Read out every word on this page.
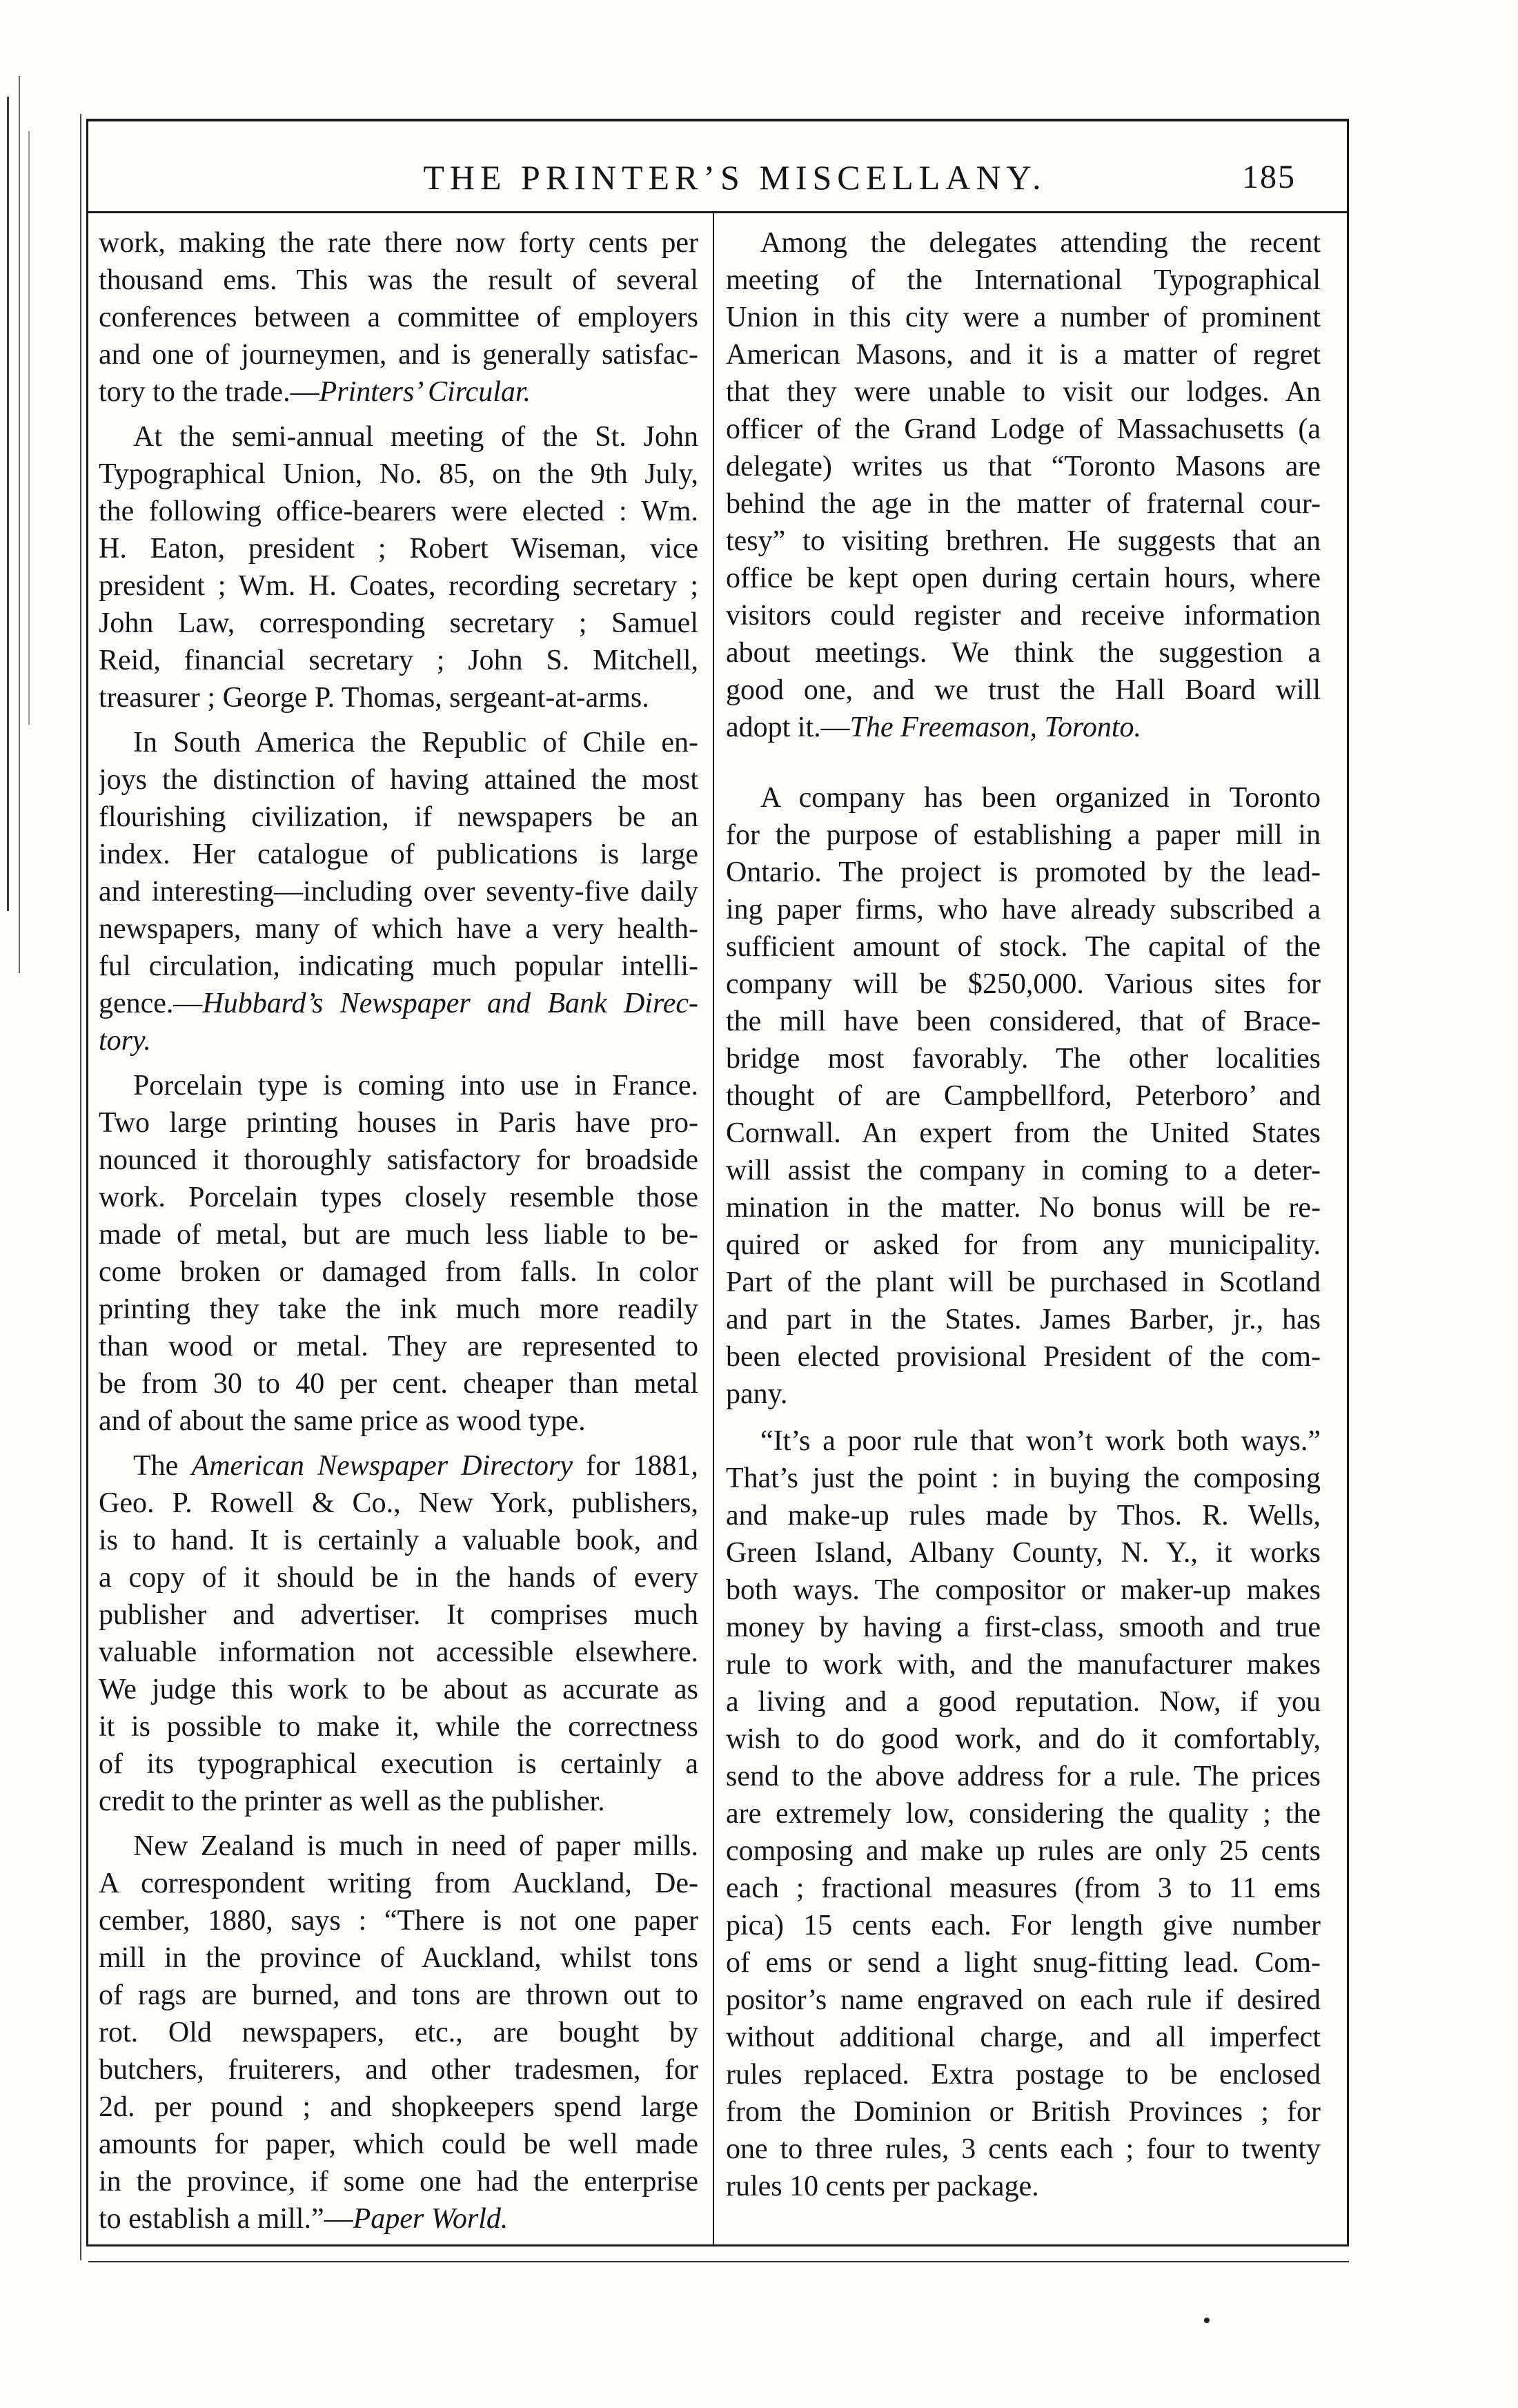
THE PRINTER’S MISCELLANY.	185
work, making the rate there now forty cents per
thousand ems. This was the result of several
conferences between a committee of employers
and one of journeymen, and is generally satisfac-
tory to the trade.—Printers’ Circular.
At the semi-annual meeting of the St. John
Typographical Union, No. 85, on the 9th July,
the following office-bearers were elected : Wm.
H. Eaton, president ; Robert Wiseman, vice
president ; Wm. H. Coates, recording secretary ;
John Law, corresponding secretary ; Samuel
Reid, financial secretary ; John S. Mitchell,
treasurer ; George P. Thomas, sergeant-at-arms.
In South America the Republic of Chile en-
joys the distinction of having attained the most
flourishing civilization, if newspapers be an
index. Her catalogue of publications is large
and interesting—including over seventy-five daily
newspapers, many of which have a very health-
ful circulation, indicating much popular intelli-
gence.—Hubbard’s Newspaper and Bank Direc-
tory.
Porcelain type is coming into use in France.
Two large printing houses in Paris have pro-
nounced it thoroughly satisfactory for broadside
work. Porcelain types closely resemble those
made of metal, but are much less liable to be-
come broken or damaged from falls. In color
printing they take the ink much more readily
than wood or metal. They are represented to
be from 30 to 40 per cent. cheaper than metal
and of about the same price as wood type.
The American Newspaper Directory for 1881,
Geo. P. Rowell & Co., New York, publishers,
is to hand. It is certainly a valuable book, and
a copy of it should be in the hands of every
publisher and advertiser. It comprises much
valuable information not accessible elsewhere.
We judge this work to be about as accurate as
it is possible to make it, while the correctness
of its typographical execution is certainly a
credit to the printer as well as the publisher.
New Zealand is much in need of paper mills.
A correspondent writing from Auckland, De-
cember, 1880, says : “There is not one paper
mill in the province of Auckland, whilst tons
of rags are burned, and tons are thrown out to
rot. Old newspapers, etc., are bought by
butchers, fruiterers, and other tradesmen, for
2d. per pound ; and shopkeepers spend large
amounts for paper, which could be well made
in the province, if some one had the enterprise
to establish a mill.”—Paper World.
Among the delegates attending the recent
meeting of the International Typographical
Union in this city were a number of prominent
American Masons, and it is a matter of regret
that they were unable to visit our lodges. An
officer of the Grand Lodge of Massachusetts (a
delegate) writes us that “Toronto Masons are
behind the age in the matter of fraternal cour-
tesy” to visiting brethren. He suggests that an
office be kept open during certain hours, where
visitors could register and receive information
about meetings. We think the suggestion a
good one, and we trust the Hall Board will
adopt it.—The Freemason, Toronto.
A company has been organized in Toronto
for the purpose of establishing a paper mill in
Ontario. The project is promoted by the lead-
ing paper firms, who have already subscribed a
sufficient amount of stock. The capital of the
company will be $250,000. Various sites for
the mill have been considered, that of Brace-
bridge most favorably. The other localities
thought of are Campbellford, Peterboro’ and
Cornwall. An expert from the United States
will assist the company in coming to a deter-
mination in the matter. No bonus will be re-
quired or asked for from any municipality.
Part of the plant will be purchased in Scotland
and part in the States. James Barber, jr., has
been elected provisional President of the com-
pany.
“It’s a poor rule that won’t work both ways.”
That’s just the point : in buying the composing
and make-up rules made by Thos. R. Wells,
Green Island, Albany County, N. Y., it works
both ways. The compositor or maker-up makes
money by having a first-class, smooth and true
rule to work with, and the manufacturer makes
a living and a good reputation. Now, if you
wish to do good work, and do it comfortably,
send to the above address for a rule. The prices
are extremely low, considering the quality ; the
composing and make up rules are only 25 cents
each ; fractional measures (from 3 to 11 ems
pica) 15 cents each. For length give number
of ems or send a light snug-fitting lead. Com-
positor’s name engraved on each rule if desired
without additional charge, and all imperfect
rules replaced. Extra postage to be enclosed
from the Dominion or British Provinces ; for
one to three rules, 3 cents each ; four to twenty
rules 10 cents per package.
